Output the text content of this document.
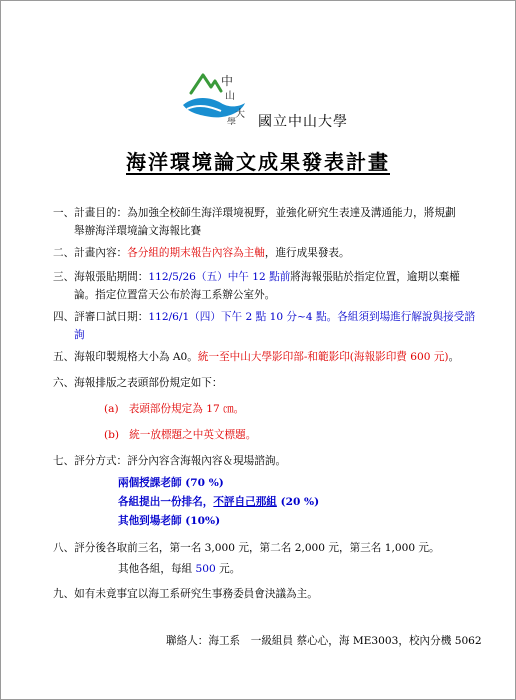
中
山
大
學 國立中山大學
海洋環境論文成果發表計畫
一、計畫目的：為加強全校師生海洋環境視野，並強化研究生表達及溝通能力，將規劃
舉辦海洋環境論文海報比賽
二、計畫內容：各分組的期末報告內容為主軸，進行成果發表。
三、海報張貼期間：112/5/26（五）中午 12 點前將海報張貼於指定位置，逾期以棄權
論。指定位置當天公布於海工系辦公室外。
四、評審口試日期：112/6/1（四）下午 2 點 10 分~4 點。各組須到場進行解說與接受諮
詢
五、海報印製規格大小為 A0。統一至中山大學影印部-和範影印(海報影印費 600 元)。
六、海報排版之表頭部份規定如下：
(a) 表頭部份規定為 17 ㎝。
(b) 統一放標題之中英文標題。
七、評分方式：評分內容含海報內容＆現場諮詢。
兩個授課老師 (70 %)
各組提出一份排名，不評自己那組 (20 %)
其他到場老師 (10%)
八、評分後各取前三名，第一名 3,000 元，第二名 2,000 元，第三名 1,000 元。
其他各組，每組 500 元。
九、如有未竟事宜以海工系研究生事務委員會決議為主。
聯絡人：海工系　一級組員 蔡心心，海 ME3003，校內分機 5062
